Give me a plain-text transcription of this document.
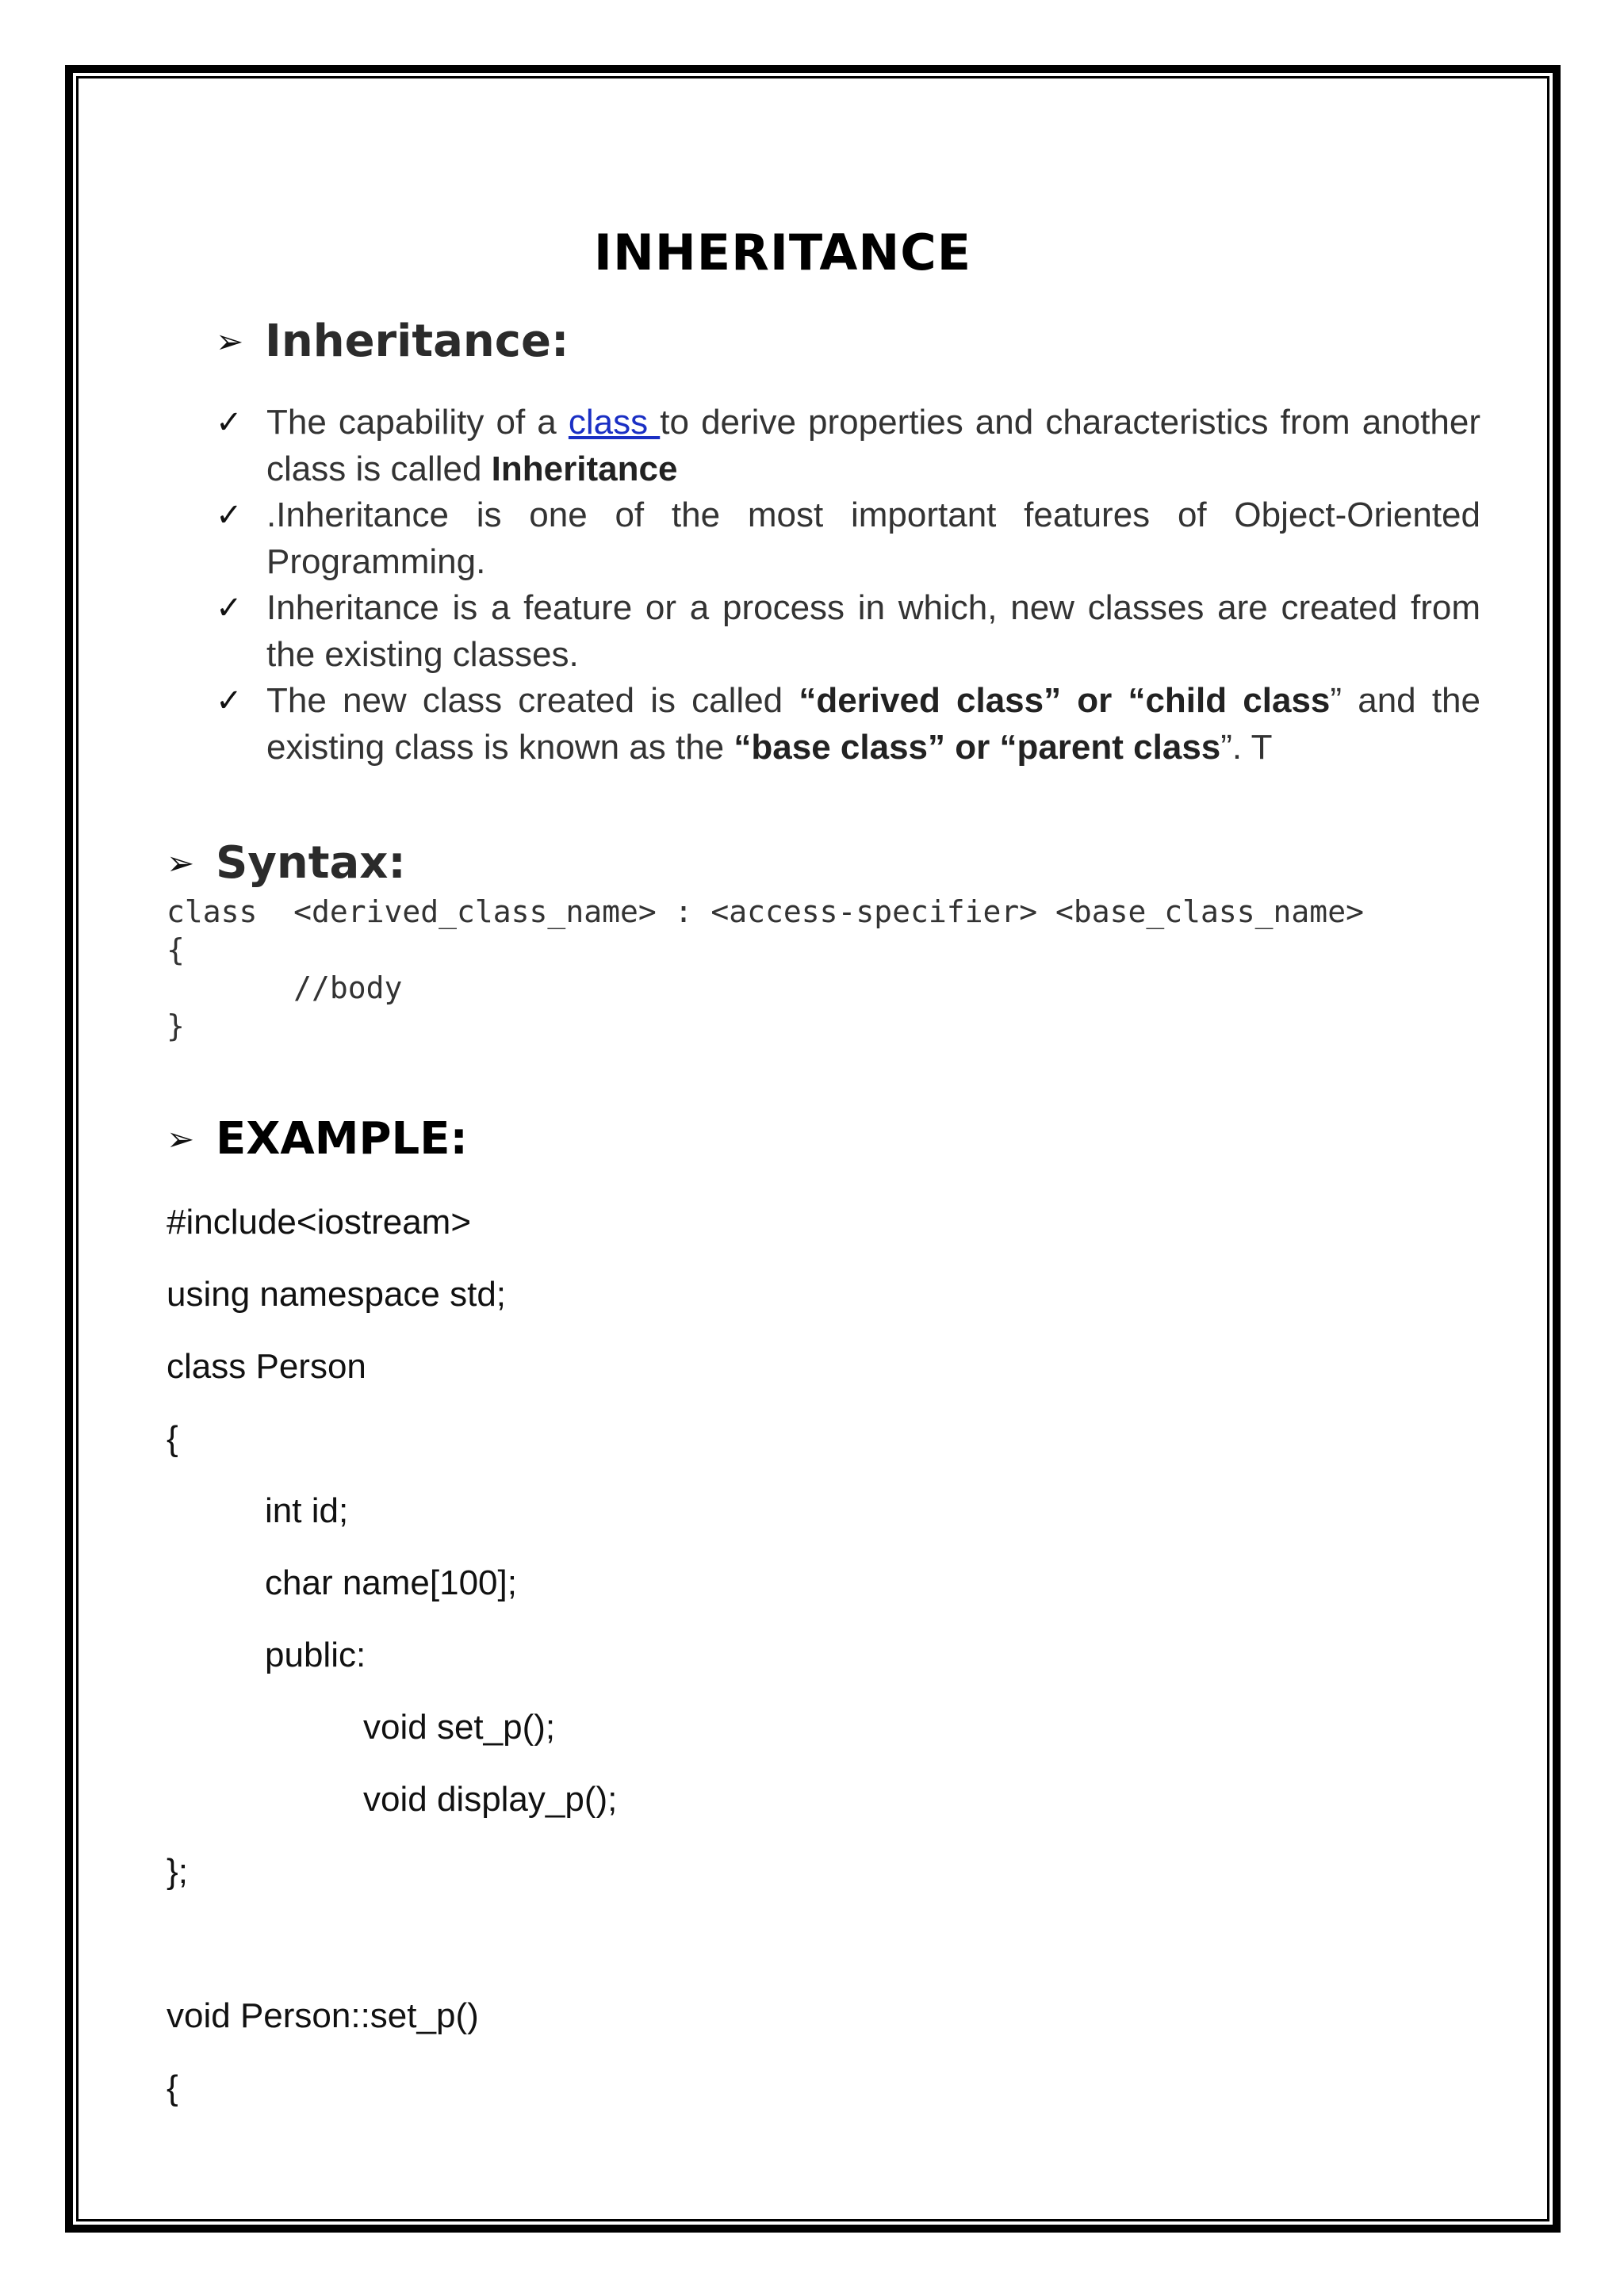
INHERITANCE
➢ Inheritance:
✓ The capability of a class to derive properties and characteristics from another class is called Inheritance
✓ .Inheritance is one of the most important features of Object-Oriented Programming.
✓ Inheritance is a feature or a process in which, new classes are created from the existing classes.
✓ The new class created is called “derived class” or “child class” and the existing class is known as the “base class” or “parent class”. T
➢ Syntax:
class  <derived_class_name> : <access-specifier> <base_class_name>
{
//body
}
➢ EXAMPLE:
#include<iostream>
using namespace std;
class Person
{
int id;
char name[100];
public:
void set_p();
void display_p();
};
void Person::set_p()
{
